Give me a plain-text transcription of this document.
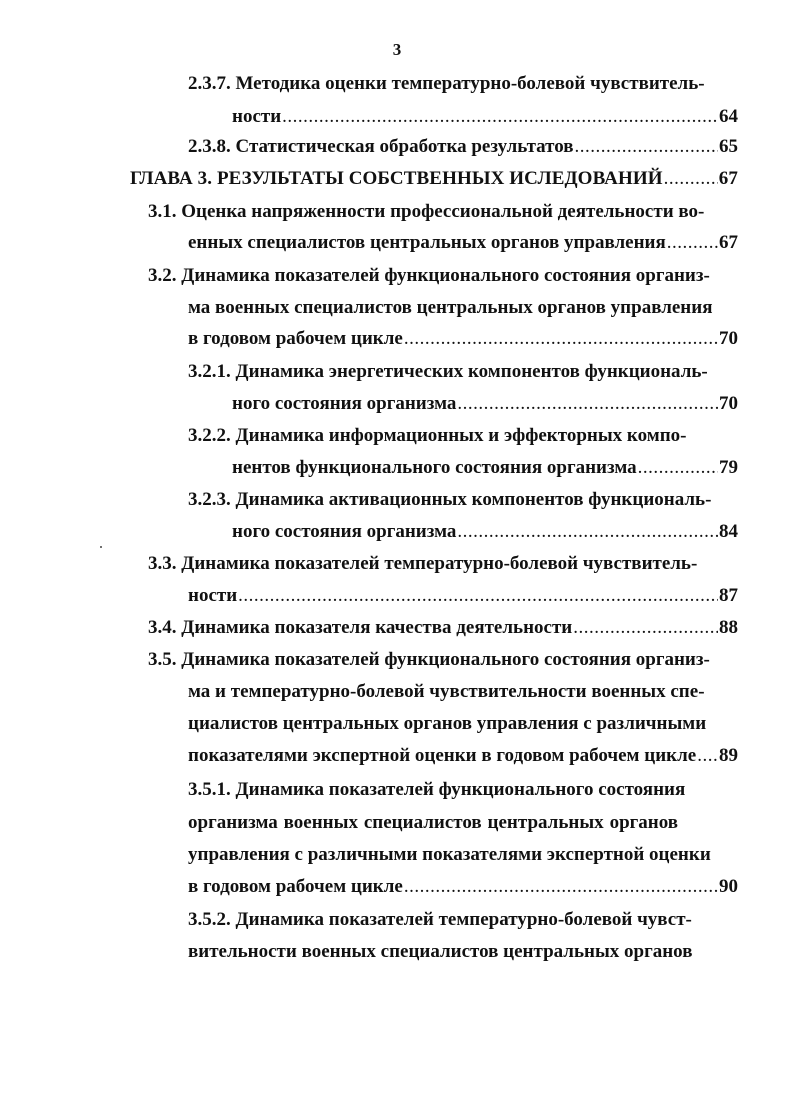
3
2.3.7. Методика оценки температурно-болевой чувствитель-
ности .....	64
2.3.8. Статистическая обработка результатов .....	65
ГЛАВА 3. РЕЗУЛЬТАТЫ СОБСТВЕННЫХ ИСЛЕДОВАНИЙ .....	67
3.1. Оценка напряженности профессиональной деятельности во-
енных специалистов центральных органов управления .....	67
3.2. Динамика показателей функционального состояния организ-
ма военных специалистов центральных органов управления
в годовом рабочем цикле .....	70
3.2.1. Динамика энергетических компонентов функциональ-
ного состояния организма .....	70
3.2.2. Динамика информационных и эффекторных компо-
нентов функционального состояния организма .....	79
3.2.3. Динамика активационных компонентов функциональ-
ного состояния организма .....	84
3.3. Динамика показателей температурно-болевой чувствитель-
ности .....	87
3.4. Динамика показателя качества деятельности .....	88
3.5. Динамика показателей функционального состояния организ-
ма и температурно-болевой чувствительности военных спе-
циалистов центральных органов управления с различными
показателями экспертной оценки в годовом рабочем цикле ..... 89
3.5.1. Динамика показателей функционального состояния
организма военных специалистов центральных органов
управления с различными показателями экспертной оценки
в годовом рабочем цикле .....	90
3.5.2. Динамика показателей температурно-болевой чувст-
вительности военных специалистов центральных органов
